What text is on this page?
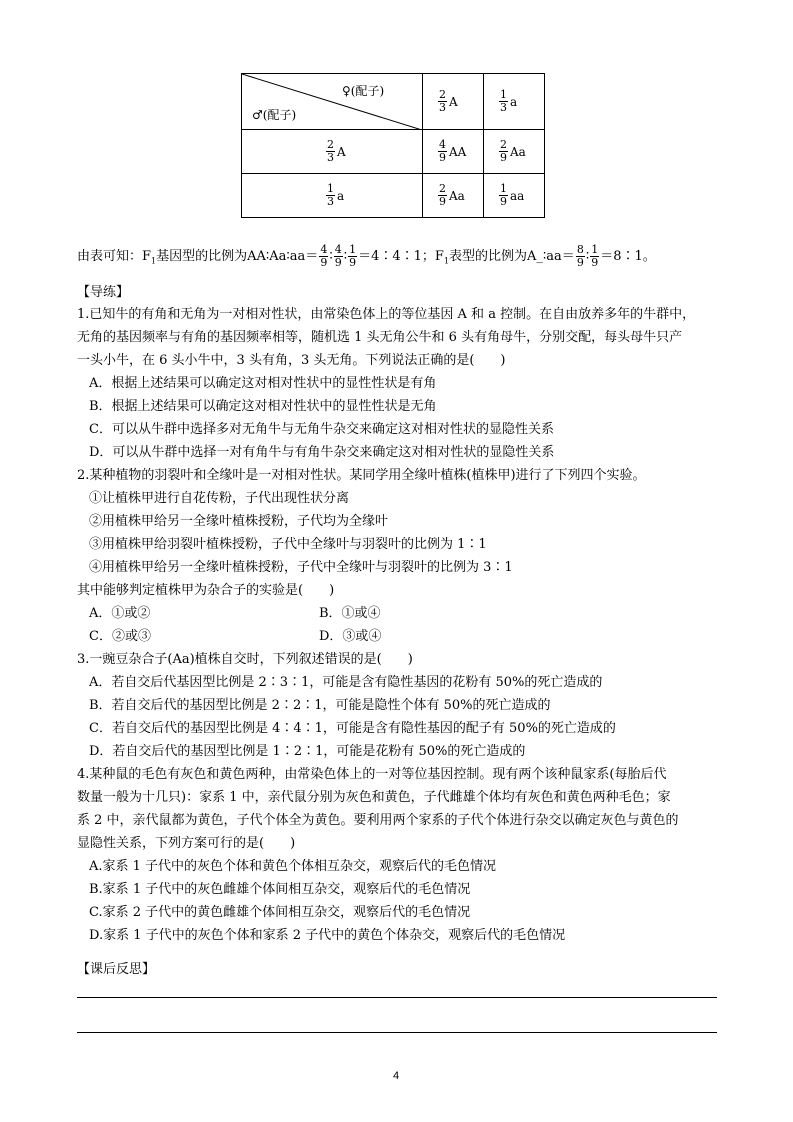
♀(配子)
♂(配子)	$\frac{2}{3}$ A	$\frac{1}{3}$ a

$\frac{2}{3}$ A	$\frac{4}{9}$ AA	$\frac{2}{9}$ Aa

$\frac{1}{3}$ a	$\frac{2}{9}$ Aa	$\frac{1}{9}$ aa
由表可知：$F_1$基因型的比例为AA∶Aa∶aa＝ $\frac{4}{9}$ ∶ $\frac{4}{9}$ ∶ $\frac{1}{9}$ ＝4∶4∶1；$F_1$表型的比例为A_∶aa＝ $\frac{8}{9}$ ∶ $\frac{1}{9}$ ＝8∶1。
【导练】
1.已知牛的有角和无角为一对相对性状，由常染色体上的等位基因 A 和 a 控制。在自由放养多年的牛群中，
无角的基因频率与有角的基因频率相等，随机选 1 头无角公牛和 6 头有角母牛，分别交配，每头母牛只产
一头小牛，在 6 头小牛中，3 头有角，3 头无角。下列说法正确的是(　　)
A．根据上述结果可以确定这对相对性状中的显性性状是有角
B．根据上述结果可以确定这对相对性状中的显性性状是无角
C．可以从牛群中选择多对无角牛与无角牛杂交来确定这对相对性状的显隐性关系
D．可以从牛群中选择一对有角牛与有角牛杂交来确定这对相对性状的显隐性关系
2.某种植物的羽裂叶和全缘叶是一对相对性状。某同学用全缘叶植株(植株甲)进行了下列四个实验。
①让植株甲进行自花传粉，子代出现性状分离
②用植株甲给另一全缘叶植株授粉，子代均为全缘叶
③用植株甲给羽裂叶植株授粉，子代中全缘叶与羽裂叶的比例为 1∶1
④用植株甲给另一全缘叶植株授粉，子代中全缘叶与羽裂叶的比例为 3∶1
其中能够判定植株甲为杂合子的实验是(　　)
A．①或②	B．①或④
C．②或③	D．③或④
3.一豌豆杂合子(Aa)植株自交时，下列叙述错误的是(　　)
A．若自交后代基因型比例是 2∶3∶1，可能是含有隐性基因的花粉有 50%的死亡造成的
B．若自交后代的基因型比例是 2∶2∶1，可能是隐性个体有 50%的死亡造成的
C．若自交后代的基因型比例是 4∶4∶1，可能是含有隐性基因的配子有 50%的死亡造成的
D．若自交后代的基因型比例是 1∶2∶1，可能是花粉有 50%的死亡造成的
4.某种鼠的毛色有灰色和黄色两种，由常染色体上的一对等位基因控制。现有两个该种鼠家系(每胎后代
数量一般为十几只)：家系 1 中，亲代鼠分别为灰色和黄色，子代雌雄个体均有灰色和黄色两种毛色；家
系 2 中，亲代鼠都为黄色，子代个体全为黄色。要利用两个家系的子代个体进行杂交以确定灰色与黄色的
显隐性关系，下列方案可行的是(　　)
A.家系 1 子代中的灰色个体和黄色个体相互杂交，观察后代的毛色情况
B.家系 1 子代中的灰色雌雄个体间相互杂交，观察后代的毛色情况
C.家系 2 子代中的黄色雌雄个体间相互杂交，观察后代的毛色情况
D.家系 1 子代中的灰色个体和家系 2 子代中的黄色个体杂交，观察后代的毛色情况
【课后反思】
4
